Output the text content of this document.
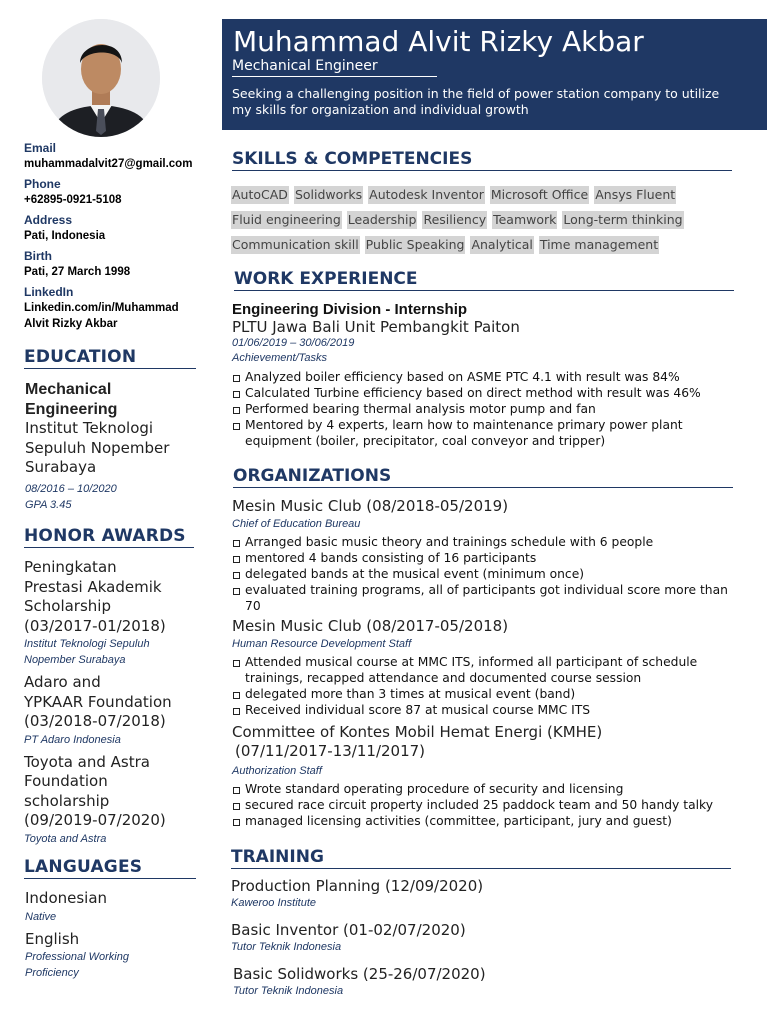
Email
muhammadalvit27@gmail.com
Phone
+62895-0921-5108
Address
Pati, Indonesia
Birth
Pati, 27 March 1998
LinkedIn
Linkedin.com/in/Muhammad
Alvit Rizky Akbar
EDUCATION
Mechanical
Engineering
Institut Teknologi
Sepuluh Nopember
Surabaya
08/2016 – 10/2020
GPA 3.45
HONOR AWARDS
Peningkatan
Prestasi Akademik
Scholarship
(03/2017-01/2018)
Institut Teknologi Sepuluh
Nopember Surabaya
Adaro and
YPKAAR Foundation
(03/2018-07/2018)
PT Adaro Indonesia
Toyota and Astra
Foundation
scholarship
(09/2019-07/2020)
Toyota and Astra
LANGUAGES
Indonesian
Native
English
Professional Working
Proficiency
Muhammad Alvit Rizky Akbar
Mechanical Engineer
Seeking a challenging position in the field of power station company to utilize my skills for organization and individual growth
SKILLS & COMPETENCIES
AutoCAD Solidworks Autodesk Inventor Microsoft Office Ansys Fluent
Fluid engineering Leadership Resiliency Teamwork Long-term thinking
Communication skill Public Speaking Analytical Time management
WORK EXPERIENCE
Engineering Division - Internship
PLTU Jawa Bali Unit Pembangkit Paiton
01/06/2019 – 30/06/2019
Achievement/Tasks
Analyzed boiler efficiency based on ASME PTC 4.1 with result was 84%
Calculated Turbine efficiency based on direct method with result was 46%
Performed bearing thermal analysis motor pump and fan
Mentored by 4 experts, learn how to maintenance primary power plant equipment (boiler, precipitator, coal conveyor and tripper)
ORGANIZATIONS
Mesin Music Club (08/2018-05/2019)
Chief of Education Bureau
Arranged basic music theory and trainings schedule with 6 people
mentored 4 bands consisting of 16 participants
delegated bands at the musical event (minimum once)
evaluated training programs, all of participants got individual score more than 70
Mesin Music Club (08/2017-05/2018)
Human Resource Development Staff
Attended musical course at MMC ITS, informed all participant of schedule trainings, recapped attendance and documented course session
delegated more than 3 times at musical event (band)
Received individual score 87 at musical course MMC ITS
Committee of Kontes Mobil Hemat Energi (KMHE)
(07/11/2017-13/11/2017)
Authorization Staff
Wrote standard operating procedure of security and licensing
secured race circuit property included 25 paddock team and 50 handy talky
managed licensing activities (committee, participant, jury and guest)
TRAINING
Production Planning (12/09/2020)
Kaweroo Institute
Basic Inventor (01-02/07/2020)
Tutor Teknik Indonesia
Basic Solidworks (25-26/07/2020)
Tutor Teknik Indonesia
